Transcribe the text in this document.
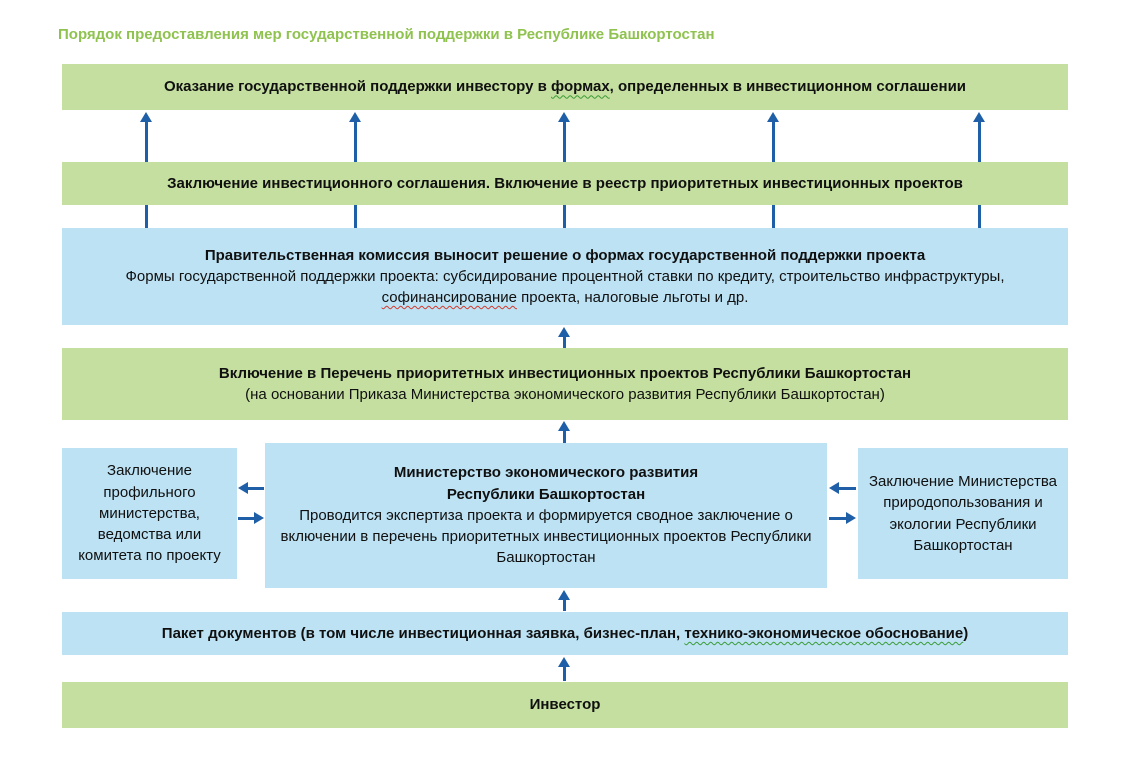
Порядок предоставления мер государственной поддержки в Республике Башкортостан
Оказание государственной поддержки инвестору в формах, определенных в инвестиционном соглашении
Заключение инвестиционного соглашения. Включение в реестр приоритетных инвестиционных проектов
Правительственная комиссия выносит решение о формах государственной поддержки проекта
Формы государственной поддержки проекта: субсидирование процентной ставки по кредиту, строительство инфраструктуры,
софинансирование проекта, налоговые льготы и др.
Включение в Перечень приоритетных инвестиционных проектов Республики Башкортостан
(на основании Приказа Министерства экономического развития Республики Башкортостан)
Заключение профильного министерства, ведомства или комитета по проекту
Министерство экономического развития
Республики Башкортостан
Проводится экспертиза проекта и формируется сводное заключение о включении в перечень приоритетных инвестиционных проектов Республики Башкортостан
Заключение Министерства природопользования и экологии Республики Башкортостан
Пакет документов (в том числе инвестиционная заявка, бизнес-план, технико-экономическое обоснование)
Инвестор
